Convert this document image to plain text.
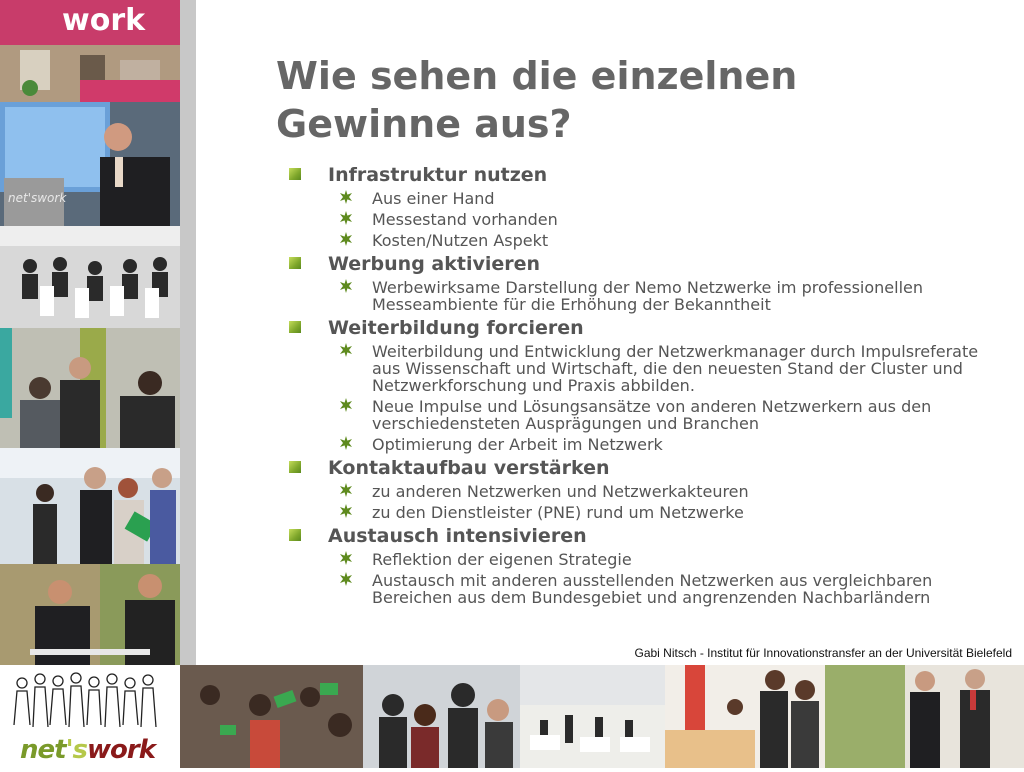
work
net'swork
Wie sehen die einzelnen Gewinne aus?
Infrastruktur nutzen
Aus einer Hand
Messestand vorhanden
Kosten/Nutzen Aspekt
Werbung aktivieren
Werbewirksame Darstellung der Nemo Netzwerke im professionellen Messeambiente für die Erhöhung der Bekanntheit
Weiterbildung forcieren
Weiterbildung und Entwicklung der Netzwerkmanager durch Impulsreferate aus Wissenschaft und Wirtschaft, die den neuesten Stand der Cluster und Netzwerkforschung und Praxis abbilden.
Neue Impulse und Lösungsansätze von anderen Netzwerkern aus den verschiedensteten Ausprägungen und Branchen
Optimierung der Arbeit im Netzwerk
Kontaktaufbau verstärken
zu anderen Netzwerken und Netzwerkakteuren
zu den Dienstleister (PNE) rund um Netzwerke
Austausch intensivieren
Reflektion der eigenen Strategie
Austausch mit anderen ausstellenden Netzwerken aus vergleichbaren Bereichen aus dem Bundesgebiet und angrenzenden Nachbarländern
Gabi Nitsch - Institut für Innovationstransfer an der Universität Bielefeld
net'swork
